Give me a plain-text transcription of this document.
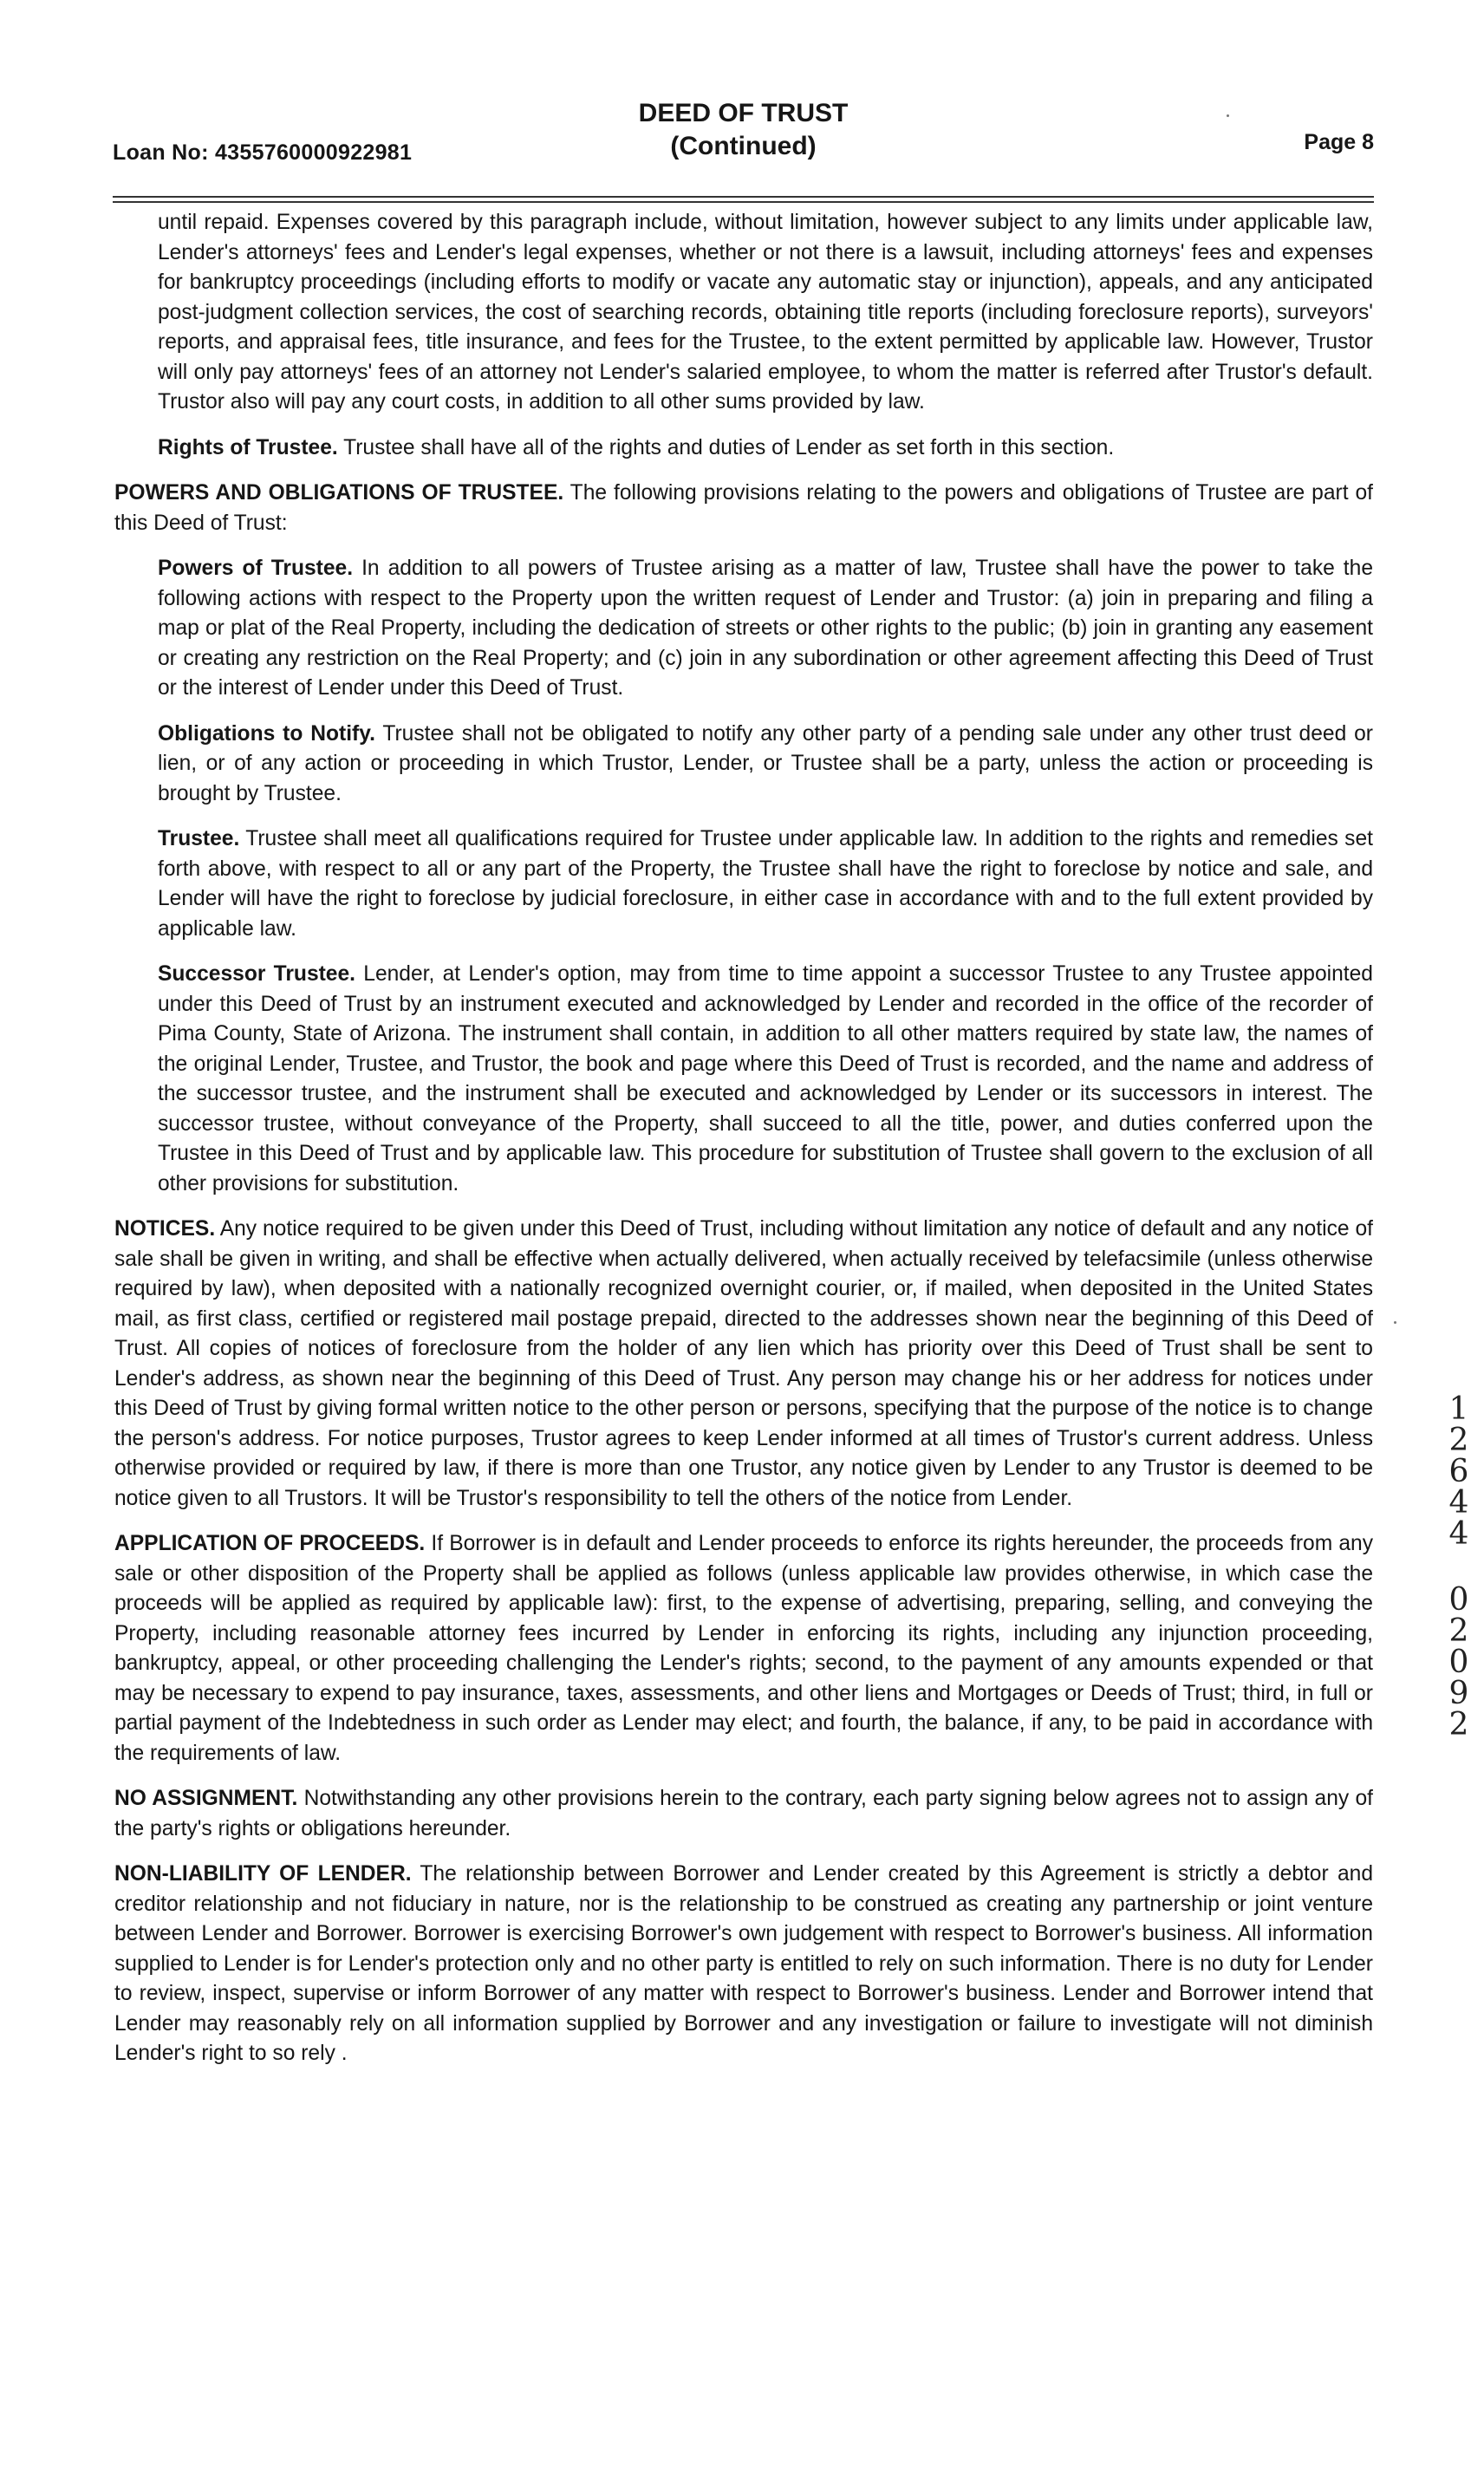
Loan No: 4355760000922981
DEED OF TRUST
(Continued)	Page 8

until repaid. Expenses covered by this paragraph include, without limitation, however subject to any limits under applicable law, Lender's attorneys' fees and Lender's legal expenses, whether or not there is a lawsuit, including attorneys' fees and expenses for bankruptcy proceedings (including efforts to modify or vacate any automatic stay or injunction), appeals, and any anticipated post-judgment collection services, the cost of searching records, obtaining title reports (including foreclosure reports), surveyors' reports, and appraisal fees, title insurance, and fees for the Trustee, to the extent permitted by applicable law. However, Trustor will only pay attorneys' fees of an attorney not Lender's salaried employee, to whom the matter is referred after Trustor's default. Trustor also will pay any court costs, in addition to all other sums provided by law.

Rights of Trustee. Trustee shall have all of the rights and duties of Lender as set forth in this section.

POWERS AND OBLIGATIONS OF TRUSTEE. The following provisions relating to the powers and obligations of Trustee are part of this Deed of Trust:

Powers of Trustee. In addition to all powers of Trustee arising as a matter of law, Trustee shall have the power to take the following actions with respect to the Property upon the written request of Lender and Trustor: (a) join in preparing and filing a map or plat of the Real Property, including the dedication of streets or other rights to the public; (b) join in granting any easement or creating any restriction on the Real Property; and (c) join in any subordination or other agreement affecting this Deed of Trust or the interest of Lender under this Deed of Trust.

Obligations to Notify. Trustee shall not be obligated to notify any other party of a pending sale under any other trust deed or lien, or of any action or proceeding in which Trustor, Lender, or Trustee shall be a party, unless the action or proceeding is brought by Trustee.

Trustee. Trustee shall meet all qualifications required for Trustee under applicable law. In addition to the rights and remedies set forth above, with respect to all or any part of the Property, the Trustee shall have the right to foreclose by notice and sale, and Lender will have the right to foreclose by judicial foreclosure, in either case in accordance with and to the full extent provided by applicable law.

Successor Trustee. Lender, at Lender's option, may from time to time appoint a successor Trustee to any Trustee appointed under this Deed of Trust by an instrument executed and acknowledged by Lender and recorded in the office of the recorder of Pima County, State of Arizona. The instrument shall contain, in addition to all other matters required by state law, the names of the original Lender, Trustee, and Trustor, the book and page where this Deed of Trust is recorded, and the name and address of the successor trustee, and the instrument shall be executed and acknowledged by Lender or its successors in interest. The successor trustee, without conveyance of the Property, shall succeed to all the title, power, and duties conferred upon the Trustee in this Deed of Trust and by applicable law. This procedure for substitution of Trustee shall govern to the exclusion of all other provisions for substitution.

NOTICES. Any notice required to be given under this Deed of Trust, including without limitation any notice of default and any notice of sale shall be given in writing, and shall be effective when actually delivered, when actually received by telefacsimile (unless otherwise required by law), when deposited with a nationally recognized overnight courier, or, if mailed, when deposited in the United States mail, as first class, certified or registered mail postage prepaid, directed to the addresses shown near the beginning of this Deed of Trust. All copies of notices of foreclosure from the holder of any lien which has priority over this Deed of Trust shall be sent to Lender's address, as shown near the beginning of this Deed of Trust. Any person may change his or her address for notices under this Deed of Trust by giving formal written notice to the other person or persons, specifying that the purpose of the notice is to change the person's address. For notice purposes, Trustor agrees to keep Lender informed at all times of Trustor's current address. Unless otherwise provided or required by law, if there is more than one Trustor, any notice given by Lender to any Trustor is deemed to be notice given to all Trustors. It will be Trustor's responsibility to tell the others of the notice from Lender.

APPLICATION OF PROCEEDS. If Borrower is in default and Lender proceeds to enforce its rights hereunder, the proceeds from any sale or other disposition of the Property shall be applied as follows (unless applicable law provides otherwise, in which case the proceeds will be applied as required by applicable law): first, to the expense of advertising, preparing, selling, and conveying the Property, including reasonable attorney fees incurred by Lender in enforcing its rights, including any injunction proceeding, bankruptcy, appeal, or other proceeding challenging the Lender's rights; second, to the payment of any amounts expended or that may be necessary to expend to pay insurance, taxes, assessments, and other liens and Mortgages or Deeds of Trust; third, in full or partial payment of the Indebtedness in such order as Lender may elect; and fourth, the balance, if any, to be paid in accordance with the requirements of law.

NO ASSIGNMENT. Notwithstanding any other provisions herein to the contrary, each party signing below agrees not to assign any of the party's rights or obligations hereunder.

NON-LIABILITY OF LENDER. The relationship between Borrower and Lender created by this Agreement is strictly a debtor and creditor relationship and not fiduciary in nature, nor is the relationship to be construed as creating any partnership or joint venture between Lender and Borrower. Borrower is exercising Borrower's own judgement with respect to Borrower's business. All information supplied to Lender is for Lender's protection only and no other party is entitled to rely on such information. There is no duty for Lender to review, inspect, supervise or inform Borrower of any matter with respect to Borrower's business. Lender and Borrower intend that Lender may reasonably rely on all information supplied by Borrower and any investigation or failure to investigate will not diminish Lender's right to so rely .

1
2
6
4
4
0
2
0
9
2
